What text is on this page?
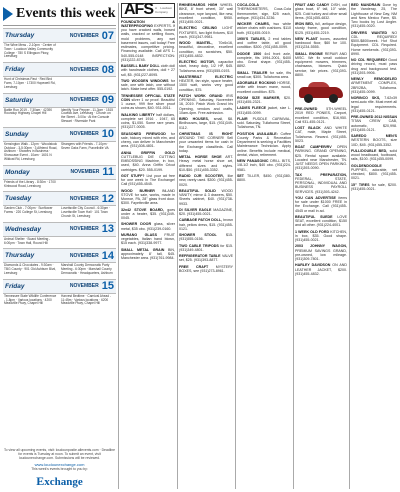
Events this week
Thursday	NOVEMBER 07
The Wine Mess - 2-10pm · Center of Town · Loudoun Valley Community College · 780 S Ellingson Pkwy, Leesburg
Friday	NOVEMBER 08
Hunt of Christmas Past · Red Bird Farm, 7-10pm · 17300 Hopewell Rd, Leesburg
Saturday	NOVEMBER 09
Battle Run 2019 - 7:30am · 42390 Roundup Highway Chapel Hill
Identify Your Pepper - 11-3pm · 1515 Cowlick Ave, Leesburg · Church on the Street - 3:00a · At the Console Stewart · Riverside Park
Sunday	NOVEMBER 10
Kensington Walk - 12pm · Woodstock Outdoor - 3-5:30pm · 3 Alfriend Road, Ashburn · Showers in Business · Showcase Event - 10am · 1601 N Wildcat Rd, Leesburg
Strangers with Friends - 7-10pm · Seven Oaks Farm, Purcellville VA
Monday	NOVEMBER 11
Friends of the Library - 8:30m · 1700 Kirkwood Road, Leesburg
Tuesday	NOVEMBER 12
Garden Club - 7:00pm · Sunflower Farms · 220 College St, Leesburg
Lovettsville City Council - 6:30pm · Lovettsville Town Hall · 101 Town Church St, Leesburg
Wednesday	NOVEMBER 13
Animal Shelter · Board Meeting - 6:00pm · Town Hall, Round Hill
Thursday	NOVEMBER 14
Diamonds & Chocolates - 9:30am · TBG County · 901 Old Ashburn Blvd, Leesburg
Marshall County Democratic Party Meeting - 6:30pm · Marshall County Democratic · Headquarters, Ashburn
Friday	NOVEMBER 15
Tennessee State Wildlife Conference - 1-8pm · Various locations · 4200 Meadville Pkwy, Chapel Hill
Harvest Bedtime · Carnival Ahead - 11:45m · Various locations · 6200 Meadville Pkwy, Chapel Hill
To view all upcoming events, visit: loudounpostie.allevents.com · Deadline for events is Tuesday at noon. To submit an event, visit loudounexchange.com. Submissions will be reviewed.
www.loudounexchange.com
This week's events brought to you by:
E xchange
AFS A Loudoun Company

FOUNDATION & WATERPROOFING EXPERTS. If you have cracked walls, bowed walls, cracked or settling floors, mold problems, any wet basement issues, call today! Free estimates, competitive pricing. Financing available. Call AFS 1-540-555-0148 INSPECTION: (931)222-8745.

BASSELL BABY DOLL cloth doll with handmade clothes, doll + 27 sdl, $5. (931)227-8095.

TWO WOODEN WINDOWS for sale, one with latch, one without latch. Make best offer. 555-0192.

TENNESSEE OFFICIAL STATE COIN silver 1 oz proof. Beautiful 1 ounce, 999 fine silver proof coins as shown, $40. 931-0011.

WALKING LIBERTY half dollars, complete set 1916 - 1947, 65 coins, $1,050. Some rare years. (931)227-0005.

SEASONED FIREWOOD for sale, hickory mixed with elm, and cherry, can deliver in Manchester area. (931)308-4801.

ANNA GRIFFIN GOLD CUTTLEBUG DIE CUTTING EMBOSSING Machine, in box, used, $40. Anna Griffin Cricut cartridges. $20. 555-0199.

GOT STUFF? List your ad free for one week in The Exchange! Call (931)455-4545.

WOOD BURNER INLAND STOVE for sale, works, made in Monroe, PA, 28" glass front door. $300. Fayetteville area.

32x42 STOVE BOARD, goes under a heater, $35. (931)349-0045.

SHOWER DOOR glass, silver metal, $35 obo. (931)239-0160.

MURANO GLASS FRUIT vegetables, Italian hand blown, $15 each. (931)338-9977.

SMALL METAL GRAIN BIN, approximately 8' tall, $45. Manchester area. (931)761-9984.

RHINESHARDS HIGH WHEEL BIKE, 8' front wheel, 30" wall clearance, rope lanyard, like new, excellent condition, $950. (931)455-0021.

ELECTRIC CEILING LIGHT FIXTURES, two light fixtures, $10 each. (931)347-9981.

WOOD MANTEL, 70x6x16, beautiful, decorative, excellent condition, no scratches, $50. (931)455-4832.

ELECTRIC MOTOR, capacitor start, heavy duty, 1/2 HP, $45. Tullahoma area. (931)555-0193.

MASTERBILT ELECTRIC HEATER, fan style, space heater, 1500 watt, works very good condition, $75.

PATCH WORK GRAND IRIS OPENING, Saturday, November 16, 2019. Patch Work Grand Iris Opening, vendors and crafts, 10am-4pm. Free admission.

BIRD HOUSES, small, $8. Birdhouses, large, $15. (931)349-0112.

CHRISTMAS IS RIGHT AROUND THE CORNER! Sell your unwanted items for cash in the Exchange classifieds. Call today.

METAL HORSE SHOE ART. Heavy metal horse shoe art, different sizes and styles. $10-$50. (931)455-3352.

RADIO DJR SCOOTER, like new, rarely used. $300. (931)455-0020.

BEAUTIFUL SOLID WOOD VANITY, mirror & 3 drawers, $50. Sheets cabinet, $40. (931)738-9933.

DI SILVER EAGLE MAGAZINE, $20. (931)455-0021.

CABBAGE PATCH DOLL, brown hair, yellow dress, $15. (931)455-0121.

SHOWER STOOL	$15. (931)555-0156.

TWO CABLE TRIPODS for $15. (931)349-4801.

REFRIGERATOR TABLE VALVE set, $25. (931)393-8877.

FREE CRAFT MYSTERY BOXES, see (931)273-8961.

COCA-COLA THERMOMETERS, Coca-Cola thermometer, sign, $25 each, antique. (931)434-3236.

WICKER CHAIRS, two white wicker chairs with cushions. $110 both. (931)455-0019.

1950'S TABLES, 2 end tables and coffee table, all good condition. $300. (931)455-0099.

DODGE 1500 4x4 front axle, complete, fits 1994-2001, $400 obo. Great shape. (931)455-8892.

SMALL TRAILER for sale, fits small car, $300. Tullahoma area.

ADORABLE ROCKING HORSE, white with brown mane, wood, excellent condition. $75.

ROOM SIZE MARKER, $20. (931)455-2321.

LADIES FLEECE jacket, size L. (931)455-0099.

FLAIR PUDDLE CARNIVAL, sold. Saturday, Tullahoma Street, Tullahoma, TN.

POSITION AVAILABLE: Coffee County Parks & Recreation Department is seeking a Facilities Maintenance Technician. Apply online. Benefits include medical, dental, vision, retirement.

NEW PANASONIC DRILL BITS, 1/8-1/2 inch, $40 obo. (931)224-9581.

SET TILLER, $450. (931)380-8800.

FRUIT AND CANDY DISH, cut glass bowl, 6" tall, 10" wide, $25. Cold turkey and other small items. (931)455-4832.

IRON BED, full, antique design, sturdy frame, good condition, $125. (931)455-2219.

NEW PLANT boxes, assorted hardwood floor, $60 for 100. (931)234-5555.

SMALL ENGINE REPAIR AND MISC. We fix small outdoor equipment: mowers, trimmers, chainsaws, blowers. Quick service, fair prices. (931)393-8800.

PRE-OWNED 5TH-WHEEL 2019 RED PONIES, Carport, excellent condition, $16,950. Call 931-455-0121.

LOST BLACK AND WHITE CAT, male, Maple Street, Tullahoma. Reward. (931)455-5023.

BOAT CAMPER/RV OPEN PARKING. GRAND OPENING, $25. Rental space available. Located near Manchester, TN. JUST NEEDS OPEN PARKING. (931)393-0090.

TAX PREPARATION, FEDERAL, STATE, PERSONAL, INDIVIDUAL AND BUSINESS PAYROLL SERVICES. (931)393-4242.

YOU CAN ADVERTISE items for sale under $1000 FREE in the Exchange. Call (931)455-4545 or mail in ad.

BEAUTIFUL SUEDE LOVE SEAT, excellent condition, $150 and all other. (931)224-4001.

1 WEEK OLD FORD KITCHEN, in box, $35. Good shape. (931)455-0021.

2003 JOHNNY WAGON, PREMIUM SAVINGS GRAND, pre-owned, low mileage. (931)309-7801.

HARLEY DAVIDSON ON AND LEATHER JACKET, $200. (931)455-4832.

BED MANDRAIN Dove by the Vanderay, 25, The Lighthouse of New Day, NM and New Mexico Farm, $5. Two books by Lost Angler. (931)455-0020.

DRIVERS WANTED NO CDL REQUIRED! $500-$800/week. Hot Shot Equipment. CDL Required. Home weekends. (931)393-8990.

NO CDL REQUIRED! Good driving record, must pass drug and background test. (931)393-9906.

NEWLY REMODELED APARTMENT COMPLEX, 2BR/2BA, Tullahoma. (931)455-0099.

NORINCO SKS, 7.62x39 semi-auto rifle. Must meet all legal requirements. (931)455-0121.

PRE-OWNED 2012 NISSAN TITAN CREW CAB, automatic, $20,998. (931)455-0121.

SAREDO MEN'S WESTERN BOOTS, size 10D, $45. (931)455-3352.

FULL/DOUBLE BED, solid wood headboard, footboard, rails, $100. (931)455-0099.

GOLDENDOODLE PUPPIES, adorable, vet checked, $800. (931)455-0021.

15" TIRES for sale, $200. (931)455-0021.
